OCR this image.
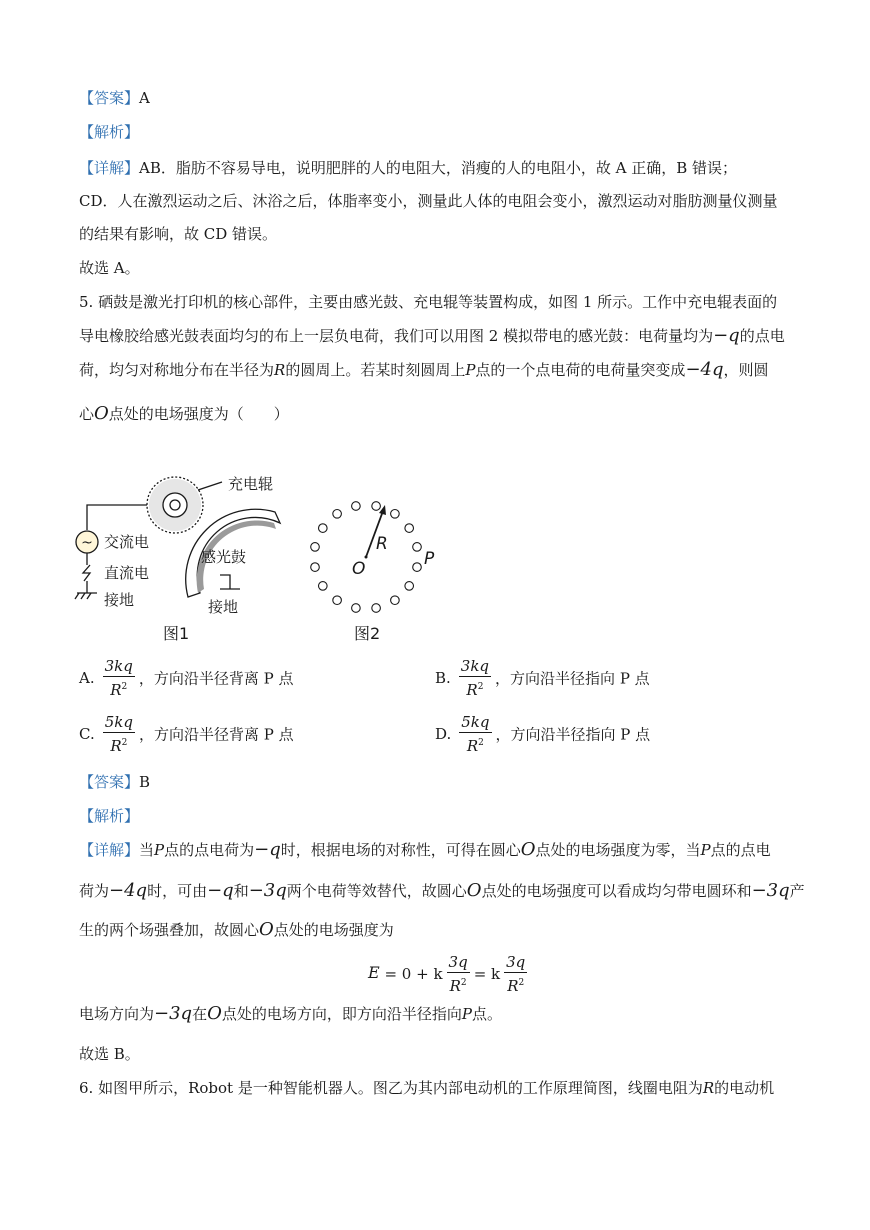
【答案】A
【解析】
【详解】AB．脂肪不容易导电，说明肥胖的人的电阻大，消瘦的人的电阻小，故 A 正确，B 错误；
CD．人在激烈运动之后、沐浴之后，体脂率变小，测量此人体的电阻会变小，激烈运动对脂肪测量仪测量
的结果有影响，故 CD 错误。
故选 A。
5. 硒鼓是激光打印机的核心部件，主要由感光鼓、充电辊等装置构成，如图 1 所示。工作中充电辊表面的
导电橡胶给感光鼓表面均匀的布上一层负电荷，我们可以用图 2 模拟带电的感光鼓：电荷量均为−q的点电
荷，均匀对称地分布在半径为R的圆周上。若某时刻圆周上P点的一个点电荷的电荷量突变成−4q，则圆
心O点处的电场强度为（　　）
~
充电辊
交流电
直流电
接地
感光鼓
接地
图1
R
O	P
图2
A. $\frac{3kq}{R^2}$ ，方向沿半径背离 P 点	B. $\frac{3kq}{R^2}$ ，方向沿半径指向 P 点
C. $\frac{5kq}{R^2}$ ，方向沿半径背离 P 点	D. $\frac{5kq}{R^2}$ ，方向沿半径指向 P 点
【答案】B
【解析】
【详解】当P点的点电荷为−q时，根据电场的对称性，可得在圆心O点处的电场强度为零，当P点的点电
荷为−4q时，可由−q和−3q两个电荷等效替代，故圆心O点处的电场强度可以看成均匀带电圆环和−3q产
生的两个场强叠加，故圆心O点处的电场强度为
E = 0 + k $\frac{3q}{R^2} = k \frac{3q}{R^2}$
电场方向为−3q在O点处的电场方向，即方向沿半径指向P点。
故选 B。
6. 如图甲所示，Robot 是一种智能机器人。图乙为其内部电动机的工作原理简图，线圈电阻为R的电动机
